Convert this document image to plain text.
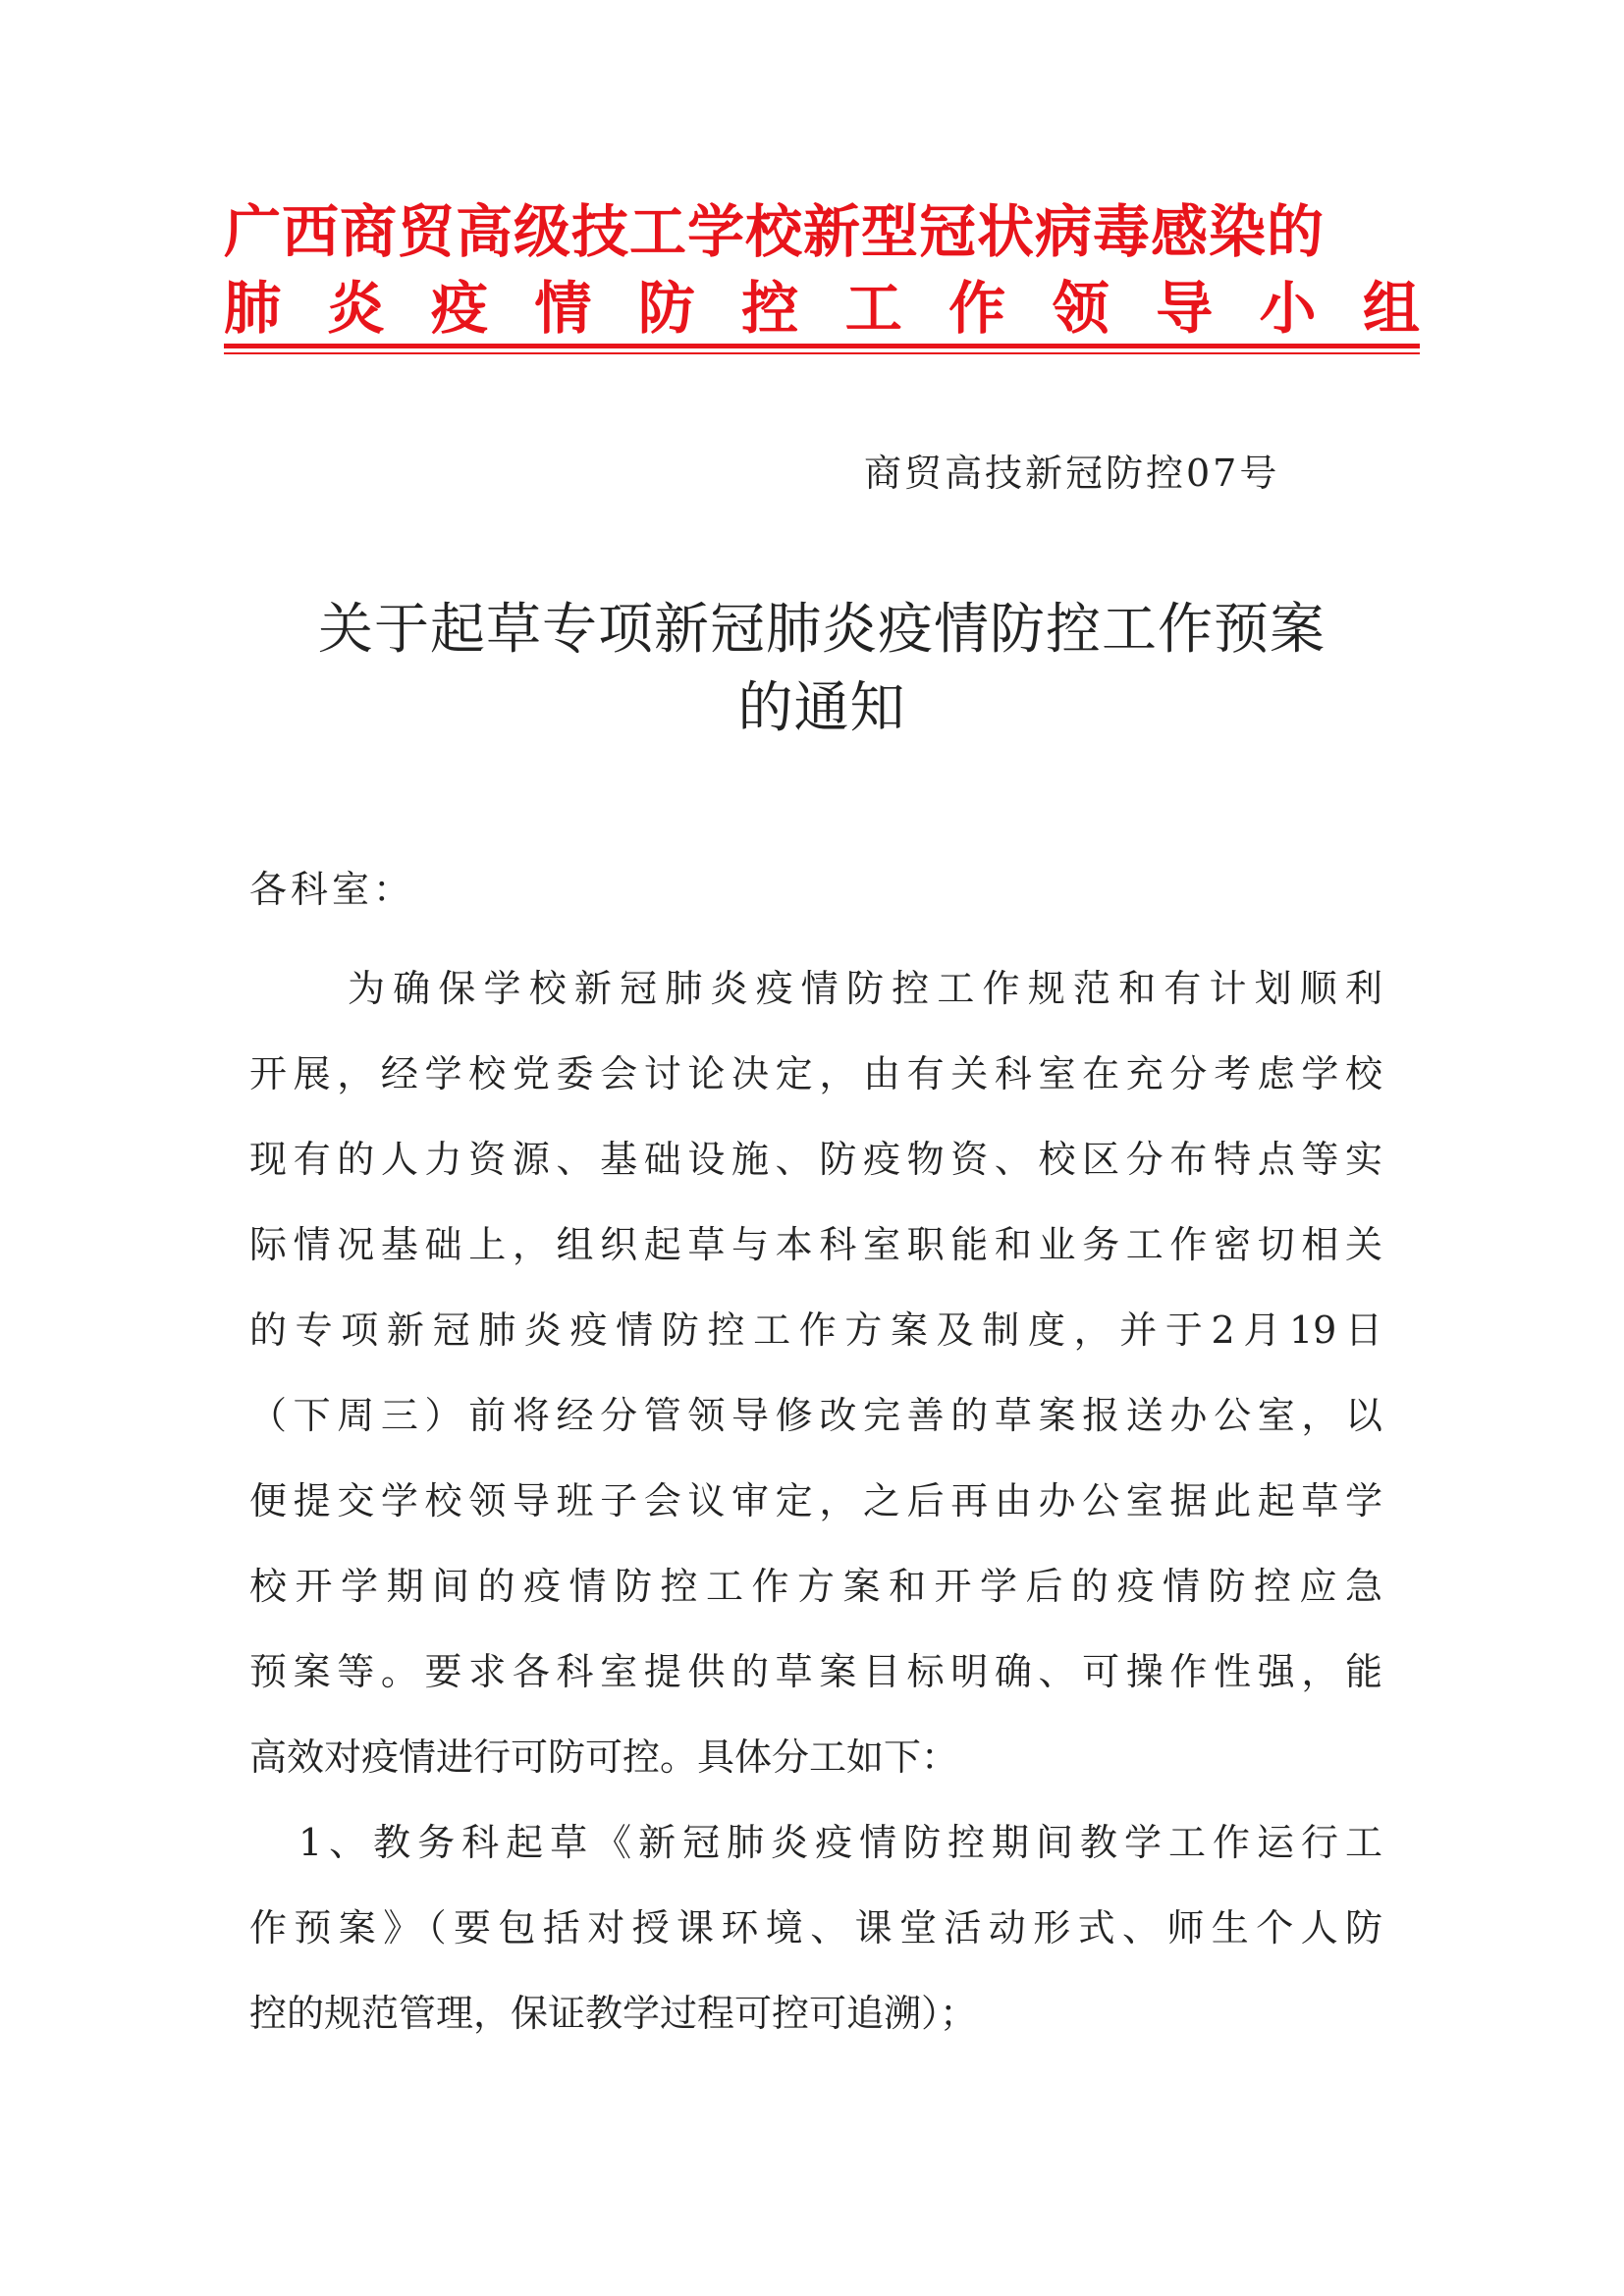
广西商贸高级技工学校新型冠状病毒感染的
肺炎疫情防控工作领导小组
商贸高技新冠防控07号
关于起草专项新冠肺炎疫情防控工作预案
的通知
各科室：
为确保学校新冠肺炎疫情防控工作规范和有计划顺利
开展，经学校党委会讨论决定，由有关科室在充分考虑学校
现有的人力资源、基础设施、防疫物资、校区分布特点等实
际情况基础上，组织起草与本科室职能和业务工作密切相关
的专项新冠肺炎疫情防控工作方案及制度，并于2月19日
（下周三）前将经分管领导修改完善的草案报送办公室，以
便提交学校领导班子会议审定，之后再由办公室据此起草学
校开学期间的疫情防控工作方案和开学后的疫情防控应急
预案等。要求各科室提供的草案目标明确、可操作性强，能
高效对疫情进行可防可控。具体分工如下：
1、教务科起草《新冠肺炎疫情防控期间教学工作运行工
作预案》（要包括对授课环境、课堂活动形式、师生个人防
控的规范管理，保证教学过程可控可追溯）；
